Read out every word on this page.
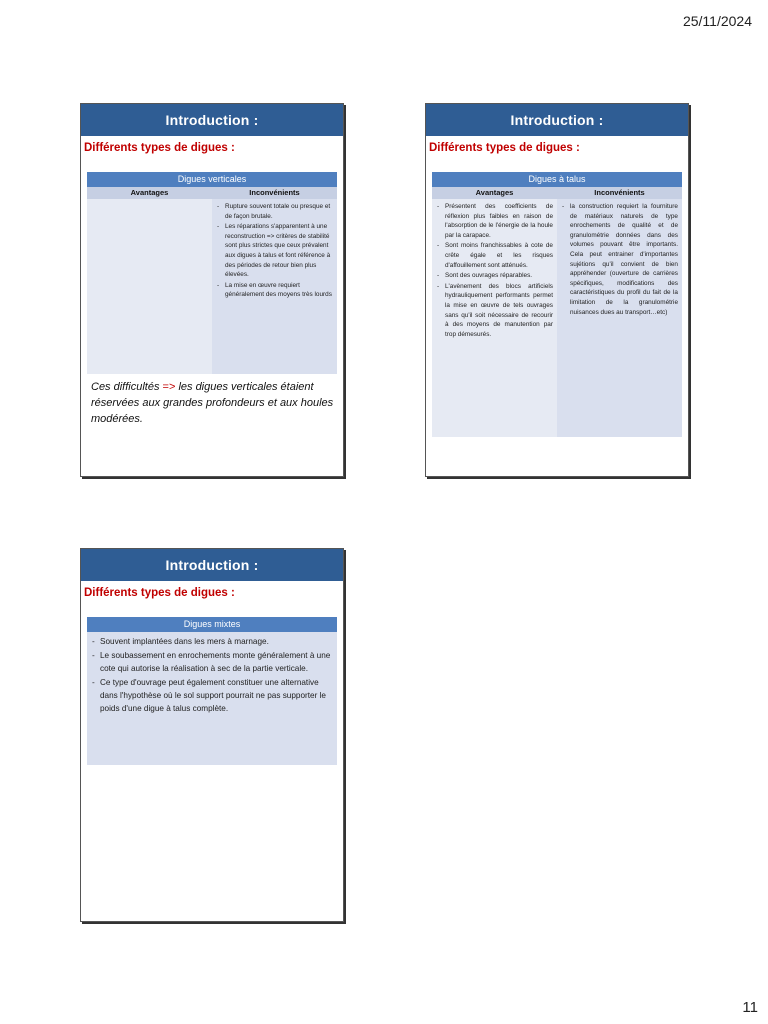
25/11/2024
Introduction :
Différents types de digues :
Digues verticales
Avantages	Inconvénients
- Rupture souvent totale ou presque et de façon brutale.
- Les réparations s'apparentent à une reconstruction => critères de stabilité sont plus strictes que ceux prévalent aux digues à talus et font référence à des périodes de retour bien plus élevées.
- La mise en œuvre requiert généralement des moyens très lourds
Ces difficultés => les digues verticales étaient réservées aux grandes profondeurs et aux houles modérées.
Introduction :
Différents types de digues :
Digues à talus
Avantages	Inconvénients
- Présentent des coefficients de réflexion plus faibles en raison de l'absorption de le l'énergie de la houle par la carapace.
- Sont moins franchissables à cote de crête égale et les risques d'affouillement sont atténués.
- Sont des ouvrages réparables.
- L'avènement des blocs artificiels hydrauliquement performants permet la mise en œuvre de tels ouvrages sans qu'il soit nécessaire de recourir à des moyens de manutention par trop démesurés.
- la construction requiert la fourniture de matériaux naturels de type enrochements de qualité et de granulométrie données dans des volumes pouvant être importants. Cela peut entrainer d'importantes sujétions qu'il convient de bien appréhender (ouverture de carrières spécifiques, modifications des caractéristiques du profil du fait de la limitation de la granulométrie nuisances dues au transport…etc)
Introduction :
Différents types de digues :
Digues mixtes
- Souvent implantées dans les mers à marnage.
- Le soubassement en enrochements monte généralement à une cote qui autorise la réalisation à sec de la partie verticale.
- Ce type d'ouvrage peut également constituer une alternative dans l'hypothèse où le sol support pourrait ne pas supporter le poids d'une digue à talus complète.
11
